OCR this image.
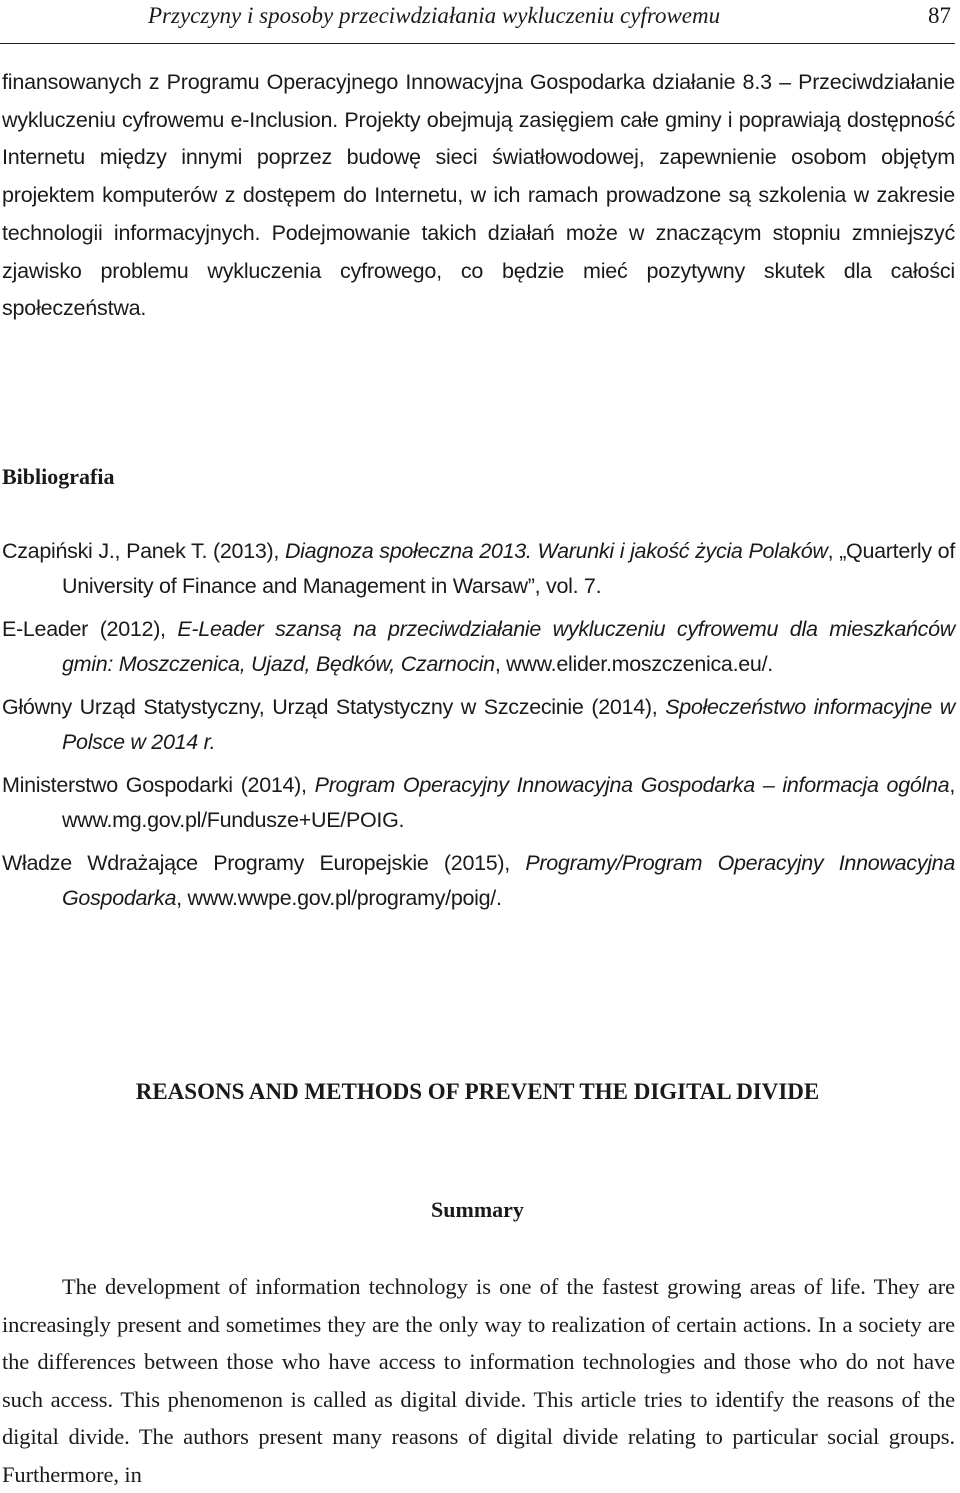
Przyczyny i sposoby przeciwdziałania wykluczeniu cyfrowemu	87

finansowanych z Programu Operacyjnego Innowacyjna Gospodarka działanie 8.3 – Przeciwdziałanie wykluczeniu cyfrowemu e-Inclusion. Projekty obejmują zasięgiem całe gminy i poprawiają dostępność Internetu między innymi poprzez budowę sieci światłowodowej, zapewnienie osobom objętym projektem komputerów z dostępem do Internetu, w ich ramach prowadzone są szkolenia w zakresie technologii informacyjnych. Podejmowanie takich działań może w znaczącym stopniu zmniejszyć zjawisko problemu wykluczenia cyfrowego, co będzie mieć pozytywny skutek dla całości społeczeństwa.

Bibliografia
Czapiński J., Panek T. (2013), Diagnoza społeczna 2013. Warunki i jakość życia Polaków, „Quarterly of University of Finance and Management in Warsaw”, vol. 7.
E-Leader (2012), E-Leader szansą na przeciwdziałanie wykluczeniu cyfrowemu dla mieszkańców gmin: Moszczenica, Ujazd, Będków, Czarnocin, www.elider.moszczenica.eu/.
Główny Urząd Statystyczny, Urząd Statystyczny w Szczecinie (2014), Społeczeństwo informacyjne w Polsce w 2014 r.
Ministerstwo Gospodarki (2014), Program Operacyjny Innowacyjna Gospodarka – informacja ogólna, www.mg.gov.pl/Fundusze+UE/POIG.
Władze Wdrażające Programy Europejskie (2015), Programy/Program Operacyjny Innowacyjna Gospodarka, www.wwpe.gov.pl/programy/poig/.
REASONS AND METHODS OF PREVENT THE DIGITAL DIVIDE
Summary

The development of information technology is one of the fastest growing areas of life. They are increasingly present and sometimes they are the only way to realization of certain actions. In a society are the differences between those who have access to information technologies and those who do not have such access. This phenomenon is called as digital divide. This article tries to identify the reasons of the digital divide. The authors present many reasons of digital divide relating to particular social groups. Furthermore, in
